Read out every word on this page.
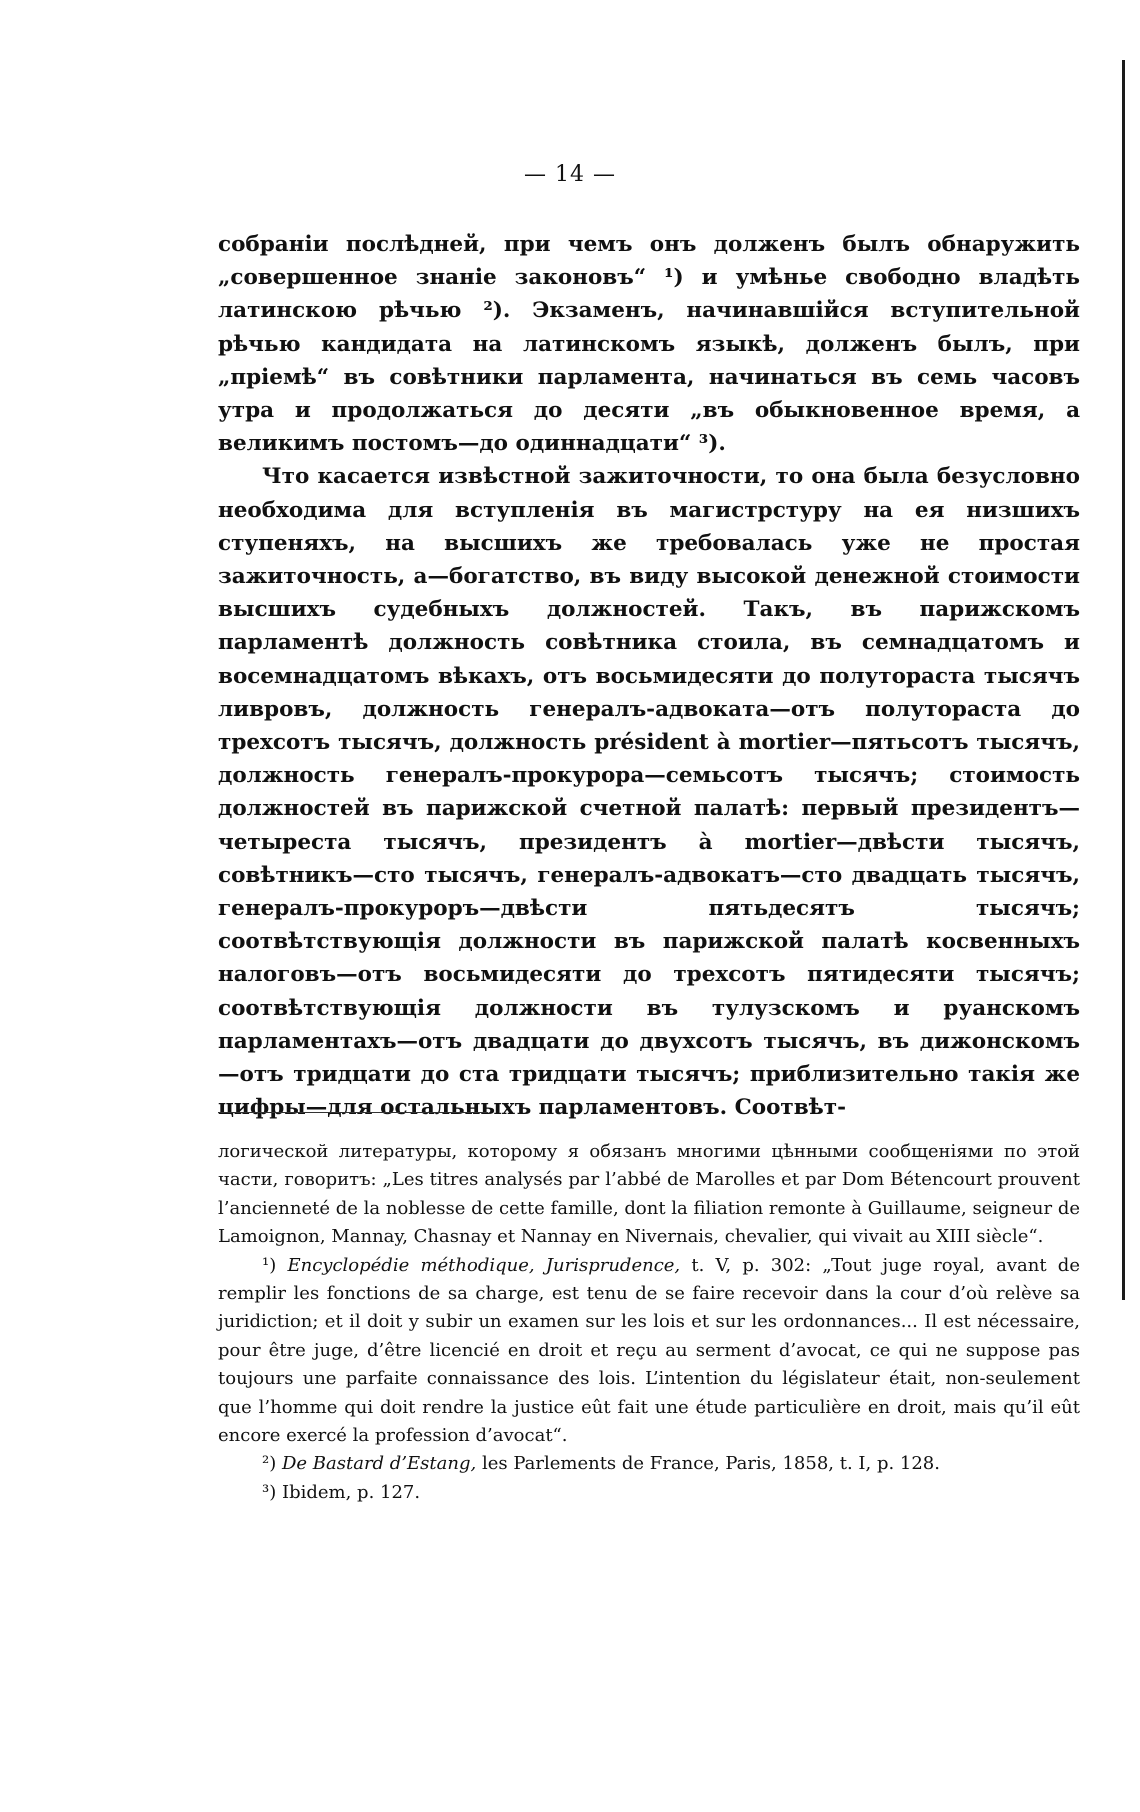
— 14 —

собранiи послѣдней, при чемъ онъ долженъ былъ обнаружить „совершенное знанiе законовъ“ ¹) и умѣнье свободно владѣть латинскою рѣчью ²). Экзаменъ, начинавшiйся вступительной рѣчью кандидата на латинскомъ языкѣ, долженъ былъ, при „прiемѣ“ въ совѣтники парламента, начинаться въ семь часовъ утра и продолжаться до десяти „въ обыкновенное время, а великимъ постомъ—до одиннадцати“ ³).

Что касается извѣстной зажиточности, то она была безусловно необходима для вступленiя въ магистрстуру на ея низшихъ ступеняхъ, на высшихъ же требовалась уже не простая зажиточность, а—богатство, въ виду высокой денежной стоимости высшихъ судебныхъ должностей. Такъ, въ парижскомъ парламентѣ должность совѣтника стоила, въ семнадцатомъ и восемнадцатомъ вѣкахъ, отъ восьмидесяти до полутораста тысячъ ливровъ, должность генералъ-адвоката—отъ полутораста до трехсотъ тысячъ, должность président à mortier—пятьсотъ тысячъ, должность генералъ-прокурора—семьсотъ тысячъ; стоимость должностей въ парижской счетной палатѣ: первый президентъ—четыреста тысячъ, президентъ à mortier—двѣсти тысячъ, совѣтникъ—сто тысячъ, генералъ-адвокатъ—сто двадцать тысячъ, генералъ-прокуроръ—двѣсти пятьдесятъ тысячъ; соотвѣтствующiя должности въ парижской палатѣ косвенныхъ налоговъ—отъ восьмидесяти до трехсотъ пятидесяти тысячъ; соотвѣтствующiя должности въ тулузскомъ и руанскомъ парламентахъ—отъ двадцати до двухсотъ тысячъ, въ дижонскомъ—отъ тридцати до ста тридцати тысячъ; приблизительно такiя же цифры—для остальныхъ парламентовъ. Соотвѣт-

логической литературы, которому я обязанъ многими цѣнными сообщенiями по этой части, говоритъ: „Les titres analysés par l’abbé de Marolles et par Dom Bétencourt prouvent l’ancienneté de la noblesse de cette famille, dont la filiation remonte à Guillaume, seigneur de Lamoignon, Mannay, Chasnay et Nannay en Nivernais, chevalier, qui vivait au XIII siècle“.

¹) Encyclopédie méthodique, Jurisprudence, t. V, p. 302: „Tout juge royal, avant de remplir les fonctions de sa charge, est tenu de se faire recevoir dans la cour d’où relève sa juridiction; et il doit y subir un examen sur les lois et sur les ordonnances... Il est nécessaire, pour être juge, d’être licencié en droit et reçu au serment d’avocat, ce qui ne suppose pas toujours une parfaite connaissance des lois. L’intention du législateur était, non-seulement que l’homme qui doit rendre la justice eût fait une étude particulière en droit, mais qu’il eût encore exercé la profession d’avocat“.

²) De Bastard d’Estang, les Parlements de France, Paris, 1858, t. I, p. 128.

³) Ibidem, p. 127.
